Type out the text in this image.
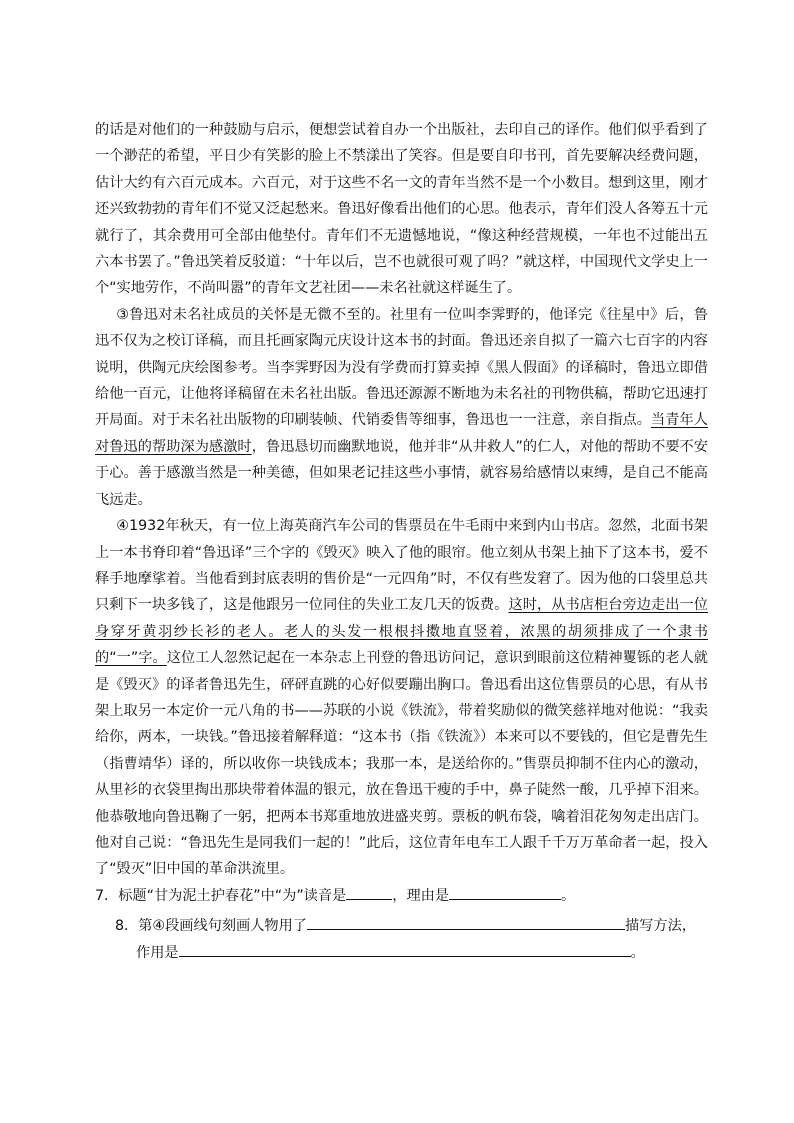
的话是对他们的一种鼓励与启示，便想尝试着自办一个出版社，去印自己的译作。他们似乎看到了一个渺茫的希望，平日少有笑影的脸上不禁漾出了笑容。但是要自印书刊，首先要解决经费问题，估计大约有六百元成本。六百元，对于这些不名一文的青年当然不是一个小数目。想到这里，刚才还兴致勃勃的青年们不觉又泛起愁来。鲁迅好像看出他们的心思。他表示，青年们没人各筹五十元就行了，其余费用可全部由他垫付。青年们不无遗憾地说，“像这种经营规模，一年也不过能出五六本书罢了。”鲁迅笑着反驳道：“十年以后，岂不也就很可观了吗？”就这样，中国现代文学史上一个“实地劳作，不尚叫嚣”的青年文艺社团——未名社就这样诞生了。

③鲁迅对未名社成员的关怀是无微不至的。社里有一位叫李霁野的，他译完《往星中》后，鲁迅不仅为之校订译稿，而且托画家陶元庆设计这本书的封面。鲁迅还亲自拟了一篇六七百字的内容说明，供陶元庆绘图参考。当李霁野因为没有学费而打算卖掉《黑人假面》的译稿时，鲁迅立即借给他一百元，让他将译稿留在未名社出版。鲁迅还源源不断地为未名社的刊物供稿，帮助它迅速打开局面。对于未名社出版物的印刷装帧、代销委售等细事，鲁迅也一一注意，亲自指点。当青年人对鲁迅的帮助深为感激时，鲁迅恳切而幽默地说，他并非“从井救人”的仁人，对他的帮助不要不安于心。善于感激当然是一种美德，但如果老记挂这些小事情，就容易给感情以束缚，是自己不能高飞远走。

④1932年秋天，有一位上海英商汽车公司的售票员在牛毛雨中来到内山书店。忽然，北面书架上一本书脊印着“鲁迅译”三个字的《毁灭》映入了他的眼帘。他立刻从书架上抽下了这本书，爱不释手地摩挲着。当他看到封底表明的售价是“一元四角”时，不仅有些发窘了。因为他的口袋里总共只剩下一块多钱了，这是他跟另一位同住的失业工友几天的饭费。这时，从书店柜台旁边走出一位身穿牙黄羽纱长衫的老人。老人的头发一根根抖擞地直竖着，浓黑的胡须排成了一个隶书的“一”字。这位工人忽然记起在一本杂志上刊登的鲁迅访问记，意识到眼前这位精神矍铄的老人就是《毁灭》的译者鲁迅先生，砰砰直跳的心好似要蹦出胸口。鲁迅看出这位售票员的心思，有从书架上取另一本定价一元八角的书——苏联的小说《铁流》，带着奖励似的微笑慈祥地对他说：“我卖给你，两本，一块钱。”鲁迅接着解释道：“这本书（指《铁流》）本来可以不要钱的，但它是曹先生（指曹靖华）译的，所以收你一块钱成本；我那一本，是送给你的。”售票员抑制不住内心的激动，从里衫的衣袋里掏出那块带着体温的银元，放在鲁迅干瘦的手中，鼻子陡然一酸，几乎掉下泪来。他恭敬地向鲁迅鞠了一躬，把两本书郑重地放进盛夹剪。票板的帆布袋，噙着泪花匆匆走出店门。他对自己说：“鲁迅先生是同我们一起的！”此后，这位青年电车工人跟千千万万革命者一起，投入了“毁灭”旧中国的革命洪流里。

7．标题“甘为泥土护春花”中“为”读音是	，理由是	。

8．第④段画线句刻画人物用了	描写方法，
作用是	。
